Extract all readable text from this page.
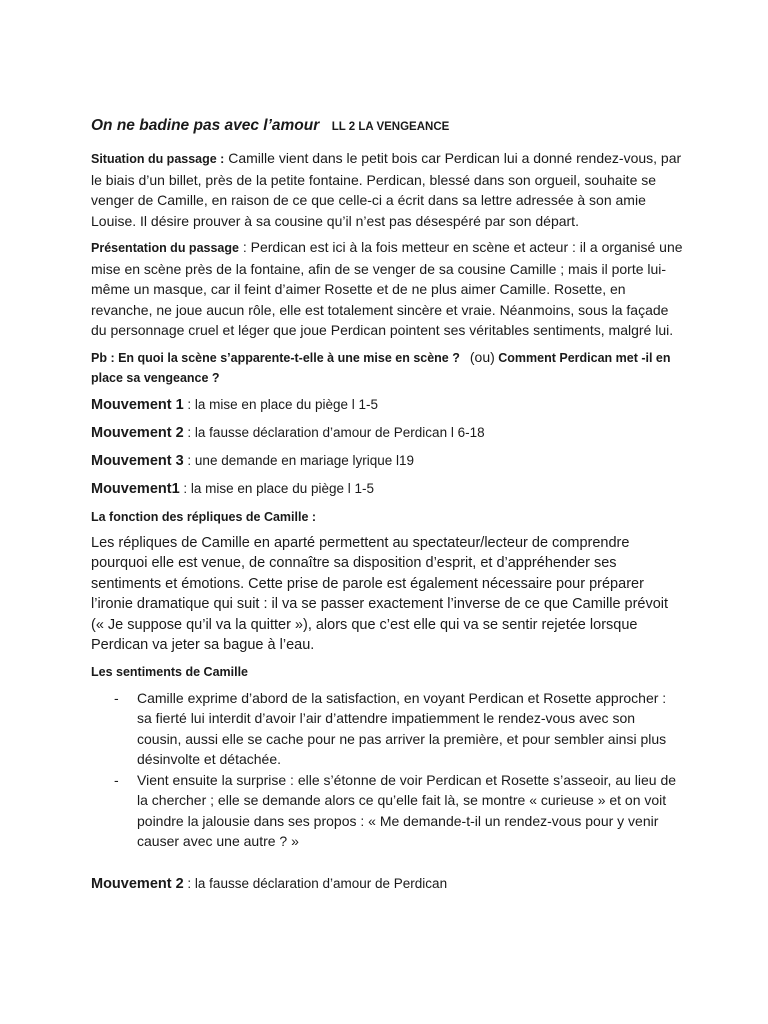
On ne badine pas avec l’amour LL 2 LA VENGEANCE

Situation du passage : Camille vient dans le petit bois car Perdican lui a donné rendez-vous, par le biais d’un billet, près de la petite fontaine. Perdican, blessé dans son orgueil, souhaite se venger de Camille, en raison de ce que celle-ci a écrit dans sa lettre adressée à son amie Louise. Il désire prouver à sa cousine qu’il n’est pas désespéré par son départ.

Présentation du passage : Perdican est ici à la fois metteur en scène et acteur : il a organisé une mise en scène près de la fontaine, afin de se venger de sa cousine Camille ; mais il porte lui-même un masque, car il feint d’aimer Rosette et de ne plus aimer Camille. Rosette, en revanche, ne joue aucun rôle, elle est totalement sincère et vraie. Néanmoins, sous la façade du personnage cruel et léger que joue Perdican pointent ses véritables sentiments, malgré lui.

Pb : En quoi la scène s’apparente-t-elle à une mise en scène ? (ou) Comment Perdican met -il en place sa vengeance ?

Mouvement 1 : la mise en place du piège l 1-5

Mouvement 2 : la fausse déclaration d’amour de Perdican l 6-18

Mouvement 3 : une demande en mariage lyrique l19

Mouvement1 : la mise en place du piège l 1-5

La fonction des répliques de Camille :

Les répliques de Camille en aparté permettent au spectateur/lecteur de comprendre pourquoi elle est venue, de connaître sa disposition d’esprit, et d’appréhender ses sentiments et émotions. Cette prise de parole est également nécessaire pour préparer l’ironie dramatique qui suit : il va se passer exactement l’inverse de ce que Camille prévoit (« Je suppose qu’il va la quitter »), alors que c’est elle qui va se sentir rejetée lorsque Perdican va jeter sa bague à l’eau.

Les sentiments de Camille

- Camille exprime d’abord de la satisfaction, en voyant Perdican et Rosette approcher : sa fierté lui interdit d’avoir l’air d’attendre impatiemment le rendez-vous avec son cousin, aussi elle se cache pour ne pas arriver la première, et pour sembler ainsi plus désinvolte et détachée.
- Vient ensuite la surprise : elle s’étonne de voir Perdican et Rosette s’asseoir, au lieu de la chercher ; elle se demande alors ce qu’elle fait là, se montre « curieuse » et on voit poindre la jalousie dans ses propos : « Me demande-t-il un rendez-vous pour y venir causer avec une autre ? »

Mouvement 2 : la fausse déclaration d’amour de Perdican
